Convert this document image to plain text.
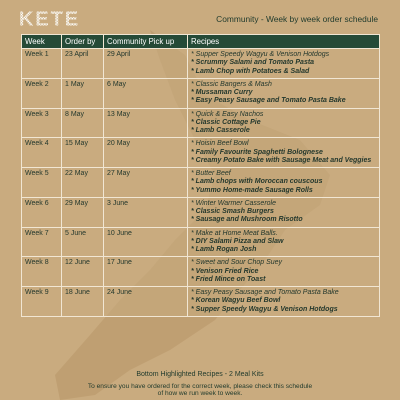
KETE	Community - Week by week order schedule
Week	Order by	Community Pick up	Recipes
Week 1	23 April	29 April	* Supper Speedy Wagyu & Venison Hotdogs
* Scrummy Salami and Tomato Pasta
* Lamb Chop with Potatoes & Salad

Week 2	1 May	6 May	* Classic Bangers & Mash
* Mussaman Curry
* Easy Peasy Sausage and Tomato Pasta Bake

Week 3	8 May	13 May	* Quick & Easy Nachos
* Classic Cottage Pie
* Lamb Casserole

Week 4	15 May	20 May	* Hoisin Beef Bowl
* Family Favourite Spaghetti Bolognese
* Creamy Potato Bake with Sausage Meat and Veggies

Week 5	22 May	27 May	* Butter Beef
* Lamb chops with Moroccan couscous
* Yummo Home-made Sausage Rolls

Week 6	29 May	3 June	* Winter Warmer Casserole
* Classic Smash Burgers
* Sausage and Mushroom Risotto

Week 7	5 June	10 June	* Make at Home Meat Balls.
* DIY Salami Pizza and Slaw
* Lamb Rogan Josh

Week 8	12 June	17 June	* Sweet and Sour Chop Suey
* Venison Fried Rice
* Fried Mince on Toast

Week 9	18 June	24 June	* Easy Peasy Sausage and Tomato Pasta Bake
* Korean Wagyu Beef Bowl
* Supper Speedy Wagyu & Venison Hotdogs
Bottom Highlighted Recipes - 2 Meal Kits
To ensure you have ordered for the correct week, please check this schedule
of how we run week to week.
